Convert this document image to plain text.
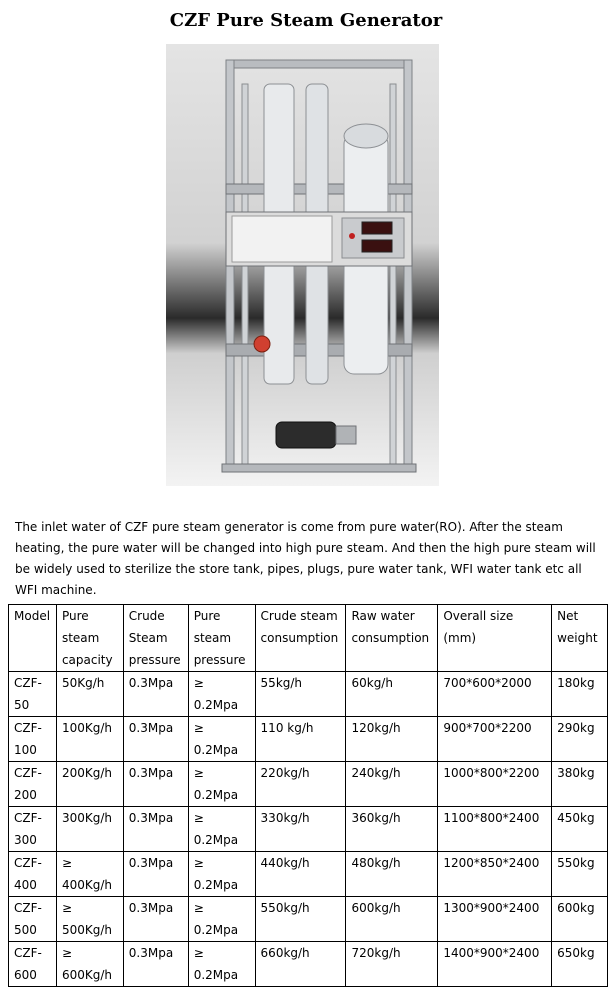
CZF Pure Steam Generator

The inlet water of CZF pure steam generator is come from pure water(RO). After the steam heating, the pure water will be changed into high pure steam. And then the high pure steam will be widely used to sterilize the store tank, pipes, plugs, pure water tank, WFI water tank etc all WFI machine.

Model	Pure steam capacity	Crude Steam pressure	Pure steam pressure	Crude steam consumption	Raw water consumption	Overall size (mm)	Net weight
CZF-50	50Kg/h	0.3Mpa	≥ 0.2Mpa	55kg/h	60kg/h	700*600*2000	180kg
CZF-100	100Kg/h	0.3Mpa	≥ 0.2Mpa	110 kg/h	120kg/h	900*700*2200	290kg
CZF-200	200Kg/h	0.3Mpa	≥ 0.2Mpa	220kg/h	240kg/h	1000*800*2200	380kg
CZF-300	300Kg/h	0.3Mpa	≥ 0.2Mpa	330kg/h	360kg/h	1100*800*2400	450kg
CZF-400	≥ 400Kg/h	0.3Mpa	≥ 0.2Mpa	440kg/h	480kg/h	1200*850*2400	550kg
CZF-500	≥ 500Kg/h	0.3Mpa	≥ 0.2Mpa	550kg/h	600kg/h	1300*900*2400	600kg
CZF-600	≥ 600Kg/h	0.3Mpa	≥ 0.2Mpa	660kg/h	720kg/h	1400*900*2400	650kg
